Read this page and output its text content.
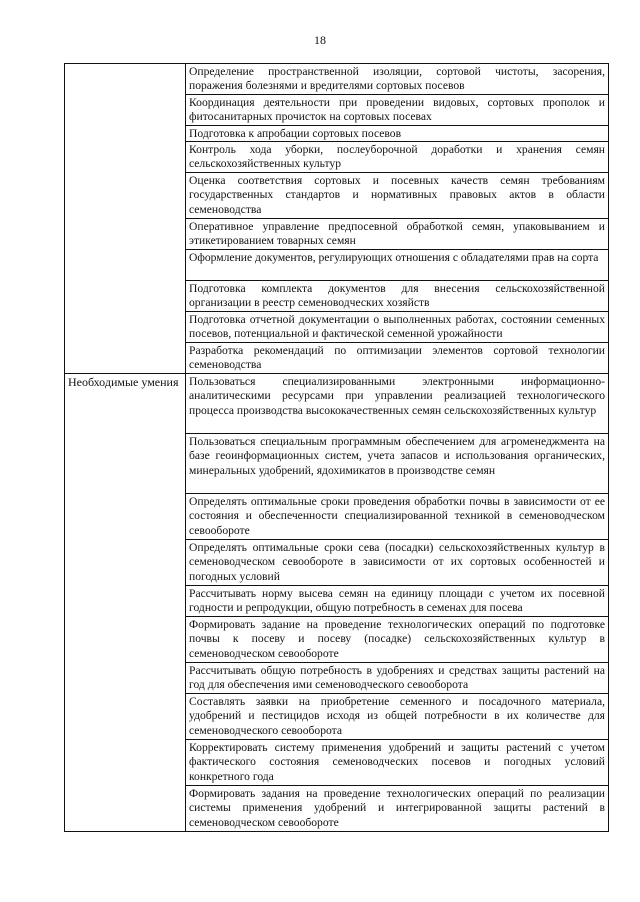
18

	Определение пространственной изоляции, сортовой чистоты, засорения, поражения болезнями и вредителями сортовых посевов

	Координация деятельности при проведении видовых, сортовых прополок и фитосанитарных прочисток на сортовых посевах

	Подготовка к апробации сортовых посевов

	Контроль хода уборки, послеуборочной доработки и хранения семян сельскохозяйственных культур

	Оценка соответствия сортовых и посевных качеств семян требованиям государственных стандартов и нормативных правовых актов в области семеноводства

	Оперативное управление предпосевной обработкой семян, упаковыванием и этикетированием товарных семян

	Оформление документов, регулирующих отношения с обладателями прав на сорта

	Подготовка комплекта документов для внесения сельскохозяйственной организации в реестр семеноводческих хозяйств

	Подготовка отчетной документации о выполненных работах, состоянии семенных посевов, потенциальной и фактической семенной урожайности

	Разработка рекомендаций по оптимизации элементов сортовой технологии семеноводства

Необходимые умения	Пользоваться специализированными электронными информационно-аналитическими ресурсами при управлении реализацией технологического процесса производства высококачественных семян сельскохозяйственных культур

	Пользоваться специальным программным обеспечением для агроменеджмента на базе геоинформационных систем, учета запасов и использования органических, минеральных удобрений, ядохимикатов в производстве семян

	Определять оптимальные сроки проведения обработки почвы в зависимости от ее состояния и обеспеченности специализированной техникой в семеноводческом севообороте

	Определять оптимальные сроки сева (посадки) сельскохозяйственных культур в семеноводческом севообороте в зависимости от их сортовых особенностей и погодных условий

	Рассчитывать норму высева семян на единицу площади с учетом их посевной годности и репродукции, общую потребность в семенах для посева

	Формировать задание на проведение технологических операций по подготовке почвы к посеву и посеву (посадке) сельскохозяйственных культур в семеноводческом севообороте

	Рассчитывать общую потребность в удобрениях и средствах защиты растений на год для обеспечения ими семеноводческого севооборота

	Составлять заявки на приобретение семенного и посадочного материала, удобрений и пестицидов исходя из общей потребности в их количестве для семеноводческого севооборота

	Корректировать систему применения удобрений и защиты растений с учетом фактического состояния семеноводческих посевов и погодных условий конкретного года

	Формировать задания на проведение технологических операций по реализации системы применения удобрений и интегрированной защиты растений в семеноводческом севообороте
